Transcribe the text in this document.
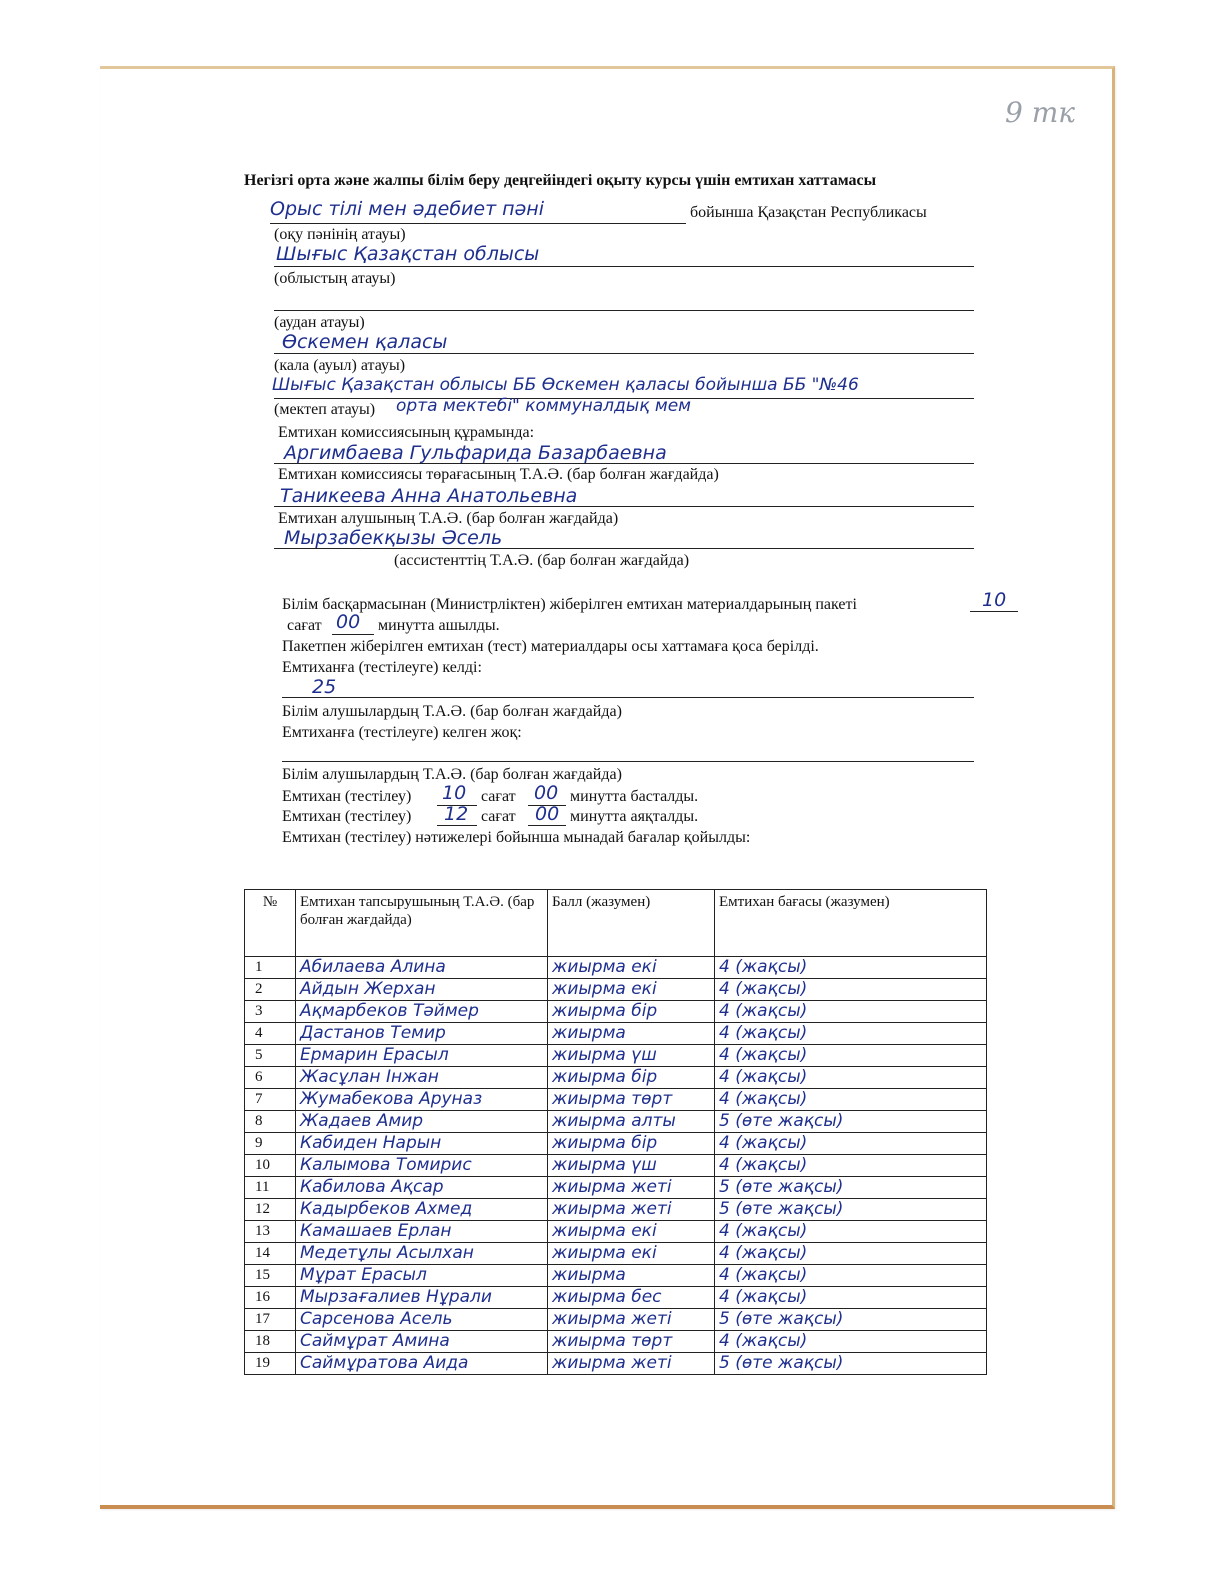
9 тк
Негізгі орта және жалпы білім беру деңгейіндегі оқыту курсы үшін емтихан хаттамасы
Орыс тілі мен әдебиет пәні	бойынша Қазақстан Республикасы
(оқу пәнінің атауы)
Шығыс Қазақстан облысы
(облыстың атауы)
(аудан атауы)
Өскемен қаласы
(кала (ауыл) атауы)
Шығыс Қазақстан облысы ББ Өскемен қаласы бойынша ББ "№46
(мектеп атауы) орта мектебі" коммуналдық мем
Емтихан комиссиясының құрамында:
Аргимбаева Гульфарида Базарбаевна
Емтихан комиссиясы төрағасының Т.А.Ә. (бар болған жағдайда)
Таникеева Анна Анатольевна
Емтихан алушының Т.А.Ә. (бар болған жағдайда)
Мырзабекқызы Әсель
(ассистенттің Т.А.Ә. (бар болған жағдайда)
Білім басқармасынан (Министрліктен) жіберілген емтихан материалдарының пакеті	10
сағат 00 минутта ашылды.
Пакетпен жіберілген емтихан (тест) материалдары осы хаттамаға қоса берілді.
Емтиханға (тестілеуге) келді:
25
Білім алушылардың Т.А.Ә. (бар болған жағдайда)
Емтиханға (тестілеуге) келген жоқ:
Білім алушылардың Т.А.Ә. (бар болған жағдайда)
Емтихан (тестілеу) 10 сағат 00 минутта басталды.
Емтихан (тестілеу) 12 сағат 00 минутта аяқталды.
Емтихан (тестілеу) нәтижелері бойынша мынадай бағалар қойылды:
№	Емтихан тапсырушының Т.А.Ә. (бар болған жағдайда)	Балл (жазумен)	Емтихан бағасы (жазумен)
1	Абилаева Алина	жиырма екі	4 (жақсы)
2	Айдын Жерхан	жиырма екі	4 (жақсы)
3	Ақмарбеков Тәймер	жиырма бір	4 (жақсы)
4	Дастанов Темир	жиырма	4 (жақсы)
5	Ермарин Ерасыл	жиырма үш	4 (жақсы)
6	Жасұлан Інжан	жиырма бір	4 (жақсы)
7	Жумабекова Аруназ	жиырма төрт	4 (жақсы)
8	Жадаев Амир	жиырма алты	5 (өте жақсы)
9	Кабиден Нарын	жиырма бір	4 (жақсы)
10	Калымова Томирис	жиырма үш	4 (жақсы)
11	Кабилова Ақсар	жиырма жеті	5 (өте жақсы)
12	Кадырбеков Ахмед	жиырма жеті	5 (өте жақсы)
13	Камашаев Ерлан	жиырма екі	4 (жақсы)
14	Медетұлы Асылхан	жиырма екі	4 (жақсы)
15	Мұрат Ерасыл	жиырма	4 (жақсы)
16	Мырзағалиев Нұрали	жиырма бес	4 (жақсы)
17	Сарсенова Асель	жиырма жеті	5 (өте жақсы)
18	Саймұрат Амина	жиырма төрт	4 (жақсы)
19	Саймұратова Аида	жиырма жеті	5 (өте жақсы)
